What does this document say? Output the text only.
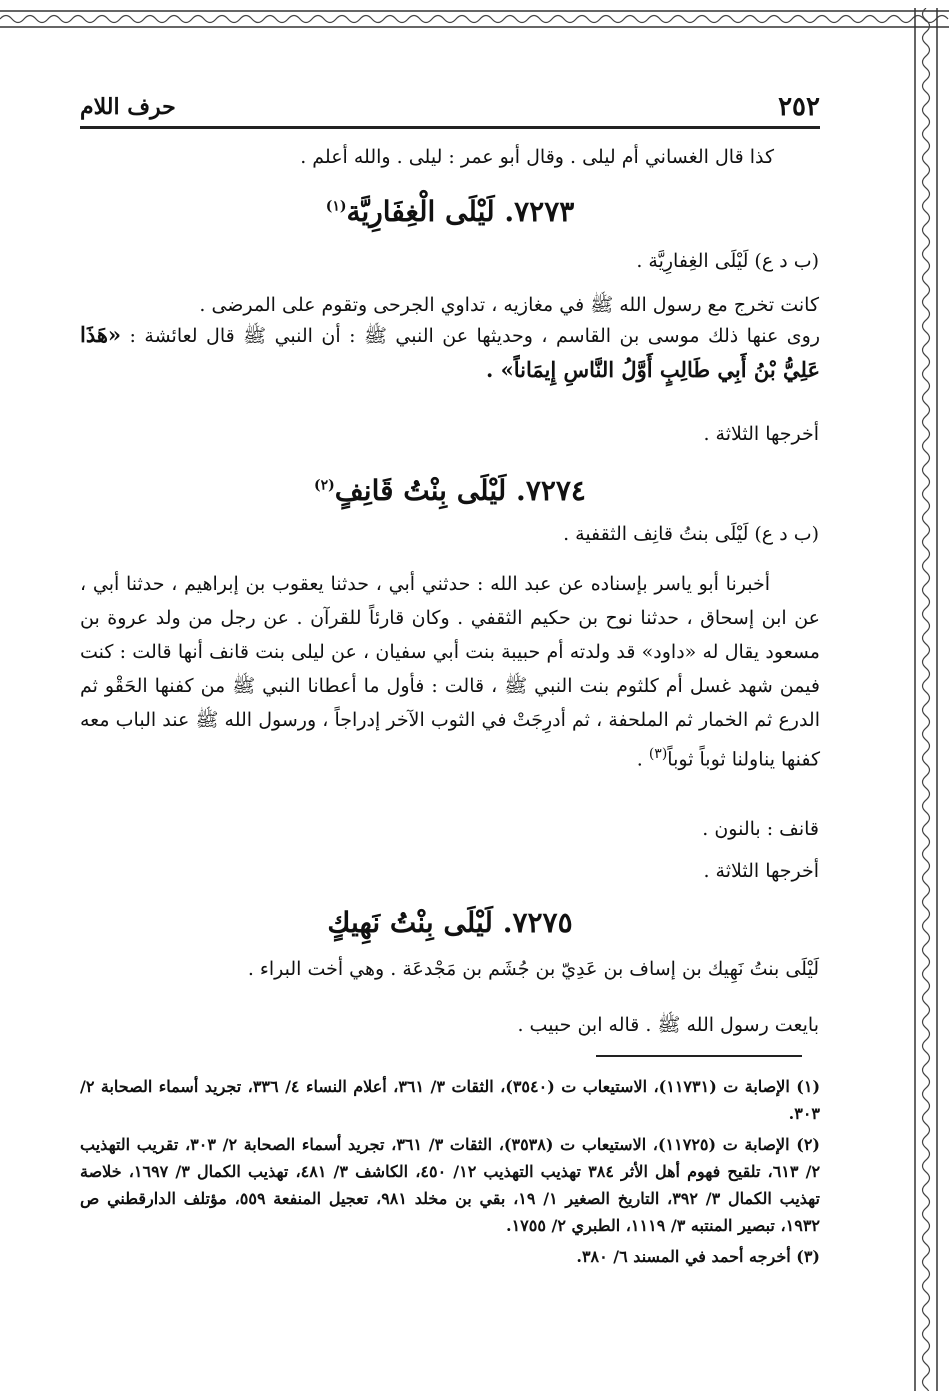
٢٥٢
حرف اللام
كذا قال الغساني أم ليلى . وقال أبو عمر : ليلى . والله أعلم .
٧٢٧٣. لَيْلَى الْغِفَارِيَّة$^{(١)}$
(ب د ع) لَيْلَى الغِفارِيَّة .
كانت تخرج مع رسول الله ﷺ في مغازيه ، تداوي الجرحى وتقوم على المرضى .
روى عنها ذلك موسى بن القاسم ، وحديثها عن النبي ﷺ : أن النبي ﷺ قال لعائشة : «هَذَا عَلِيُّ بْنُ أَبِي طَالِبٍ أَوَّلُ النَّاسِ إِيمَاناً» .
أخرجها الثلاثة .
٧٢٧٤. لَيْلَى بِنْتُ قَانِفٍ$^{(٢)}$
(ب د ع) لَيْلَى بنتُ قانِف الثقفية .
أخبرنا أبو ياسر بإسناده عن عبد الله : حدثني أبي ، حدثنا يعقوب بن إبراهيم ، حدثنا أبي ، عن ابن إسحاق ، حدثنا نوح بن حكيم الثقفي . وكان قارئاً للقرآن . عن رجل من ولد عروة بن مسعود يقال له «داود» قد ولدته أم حبيبة بنت أبي سفيان ، عن ليلى بنت قانف أنها قالت : كنت فيمن شهد غسل أم كلثوم بنت النبي ﷺ ، قالت : فأول ما أعطانا النبي ﷺ من كفنها الحَقْو ثم الدرع ثم الخمار ثم الملحفة ، ثم أدرِجَتْ في الثوب الآخر إدراجاً ، ورسول الله ﷺ عند الباب معه كفنها يناولنا ثوباً ثوباً$^{(٣)}$ .
قانف : بالنون .
أخرجها الثلاثة .
٧٢٧٥. لَيْلَى بِنْتُ نَهِيكٍ
لَيْلَى بنتُ نَهِيك بن إساف بن عَدِيّ بن جُشَم بن مَجْدعَة . وهي أخت البراء .
بايعت رسول الله ﷺ . قاله ابن حبيب .
(١) الإصابة ت (١١٧٣١)، الاستيعاب ت (٣٥٤٠)، الثقات ٣/ ٣٦١، أعلام النساء ٤/ ٣٣٦، تجريد أسماء الصحابة ٢/ ٣٠٣.
(٢) الإصابة ت (١١٧٢٥)، الاستيعاب ت (٣٥٣٨)، الثقات ٣/ ٣٦١، تجريد أسماء الصحابة ٢/ ٣٠٣، تقريب التهذيب ٢/ ٦١٣، تلقيح فهوم أهل الأثر ٣٨٤ تهذيب التهذيب ١٢/ ٤٥٠، الكاشف ٣/ ٤٨١، تهذيب الكمال ٣/ ١٦٩٧، خلاصة تهذيب الكمال ٣/ ٣٩٢، التاريخ الصغير ١/ ١٩، بقي بن مخلد ٩٨١، تعجيل المنفعة ٥٥٩، مؤتلف الدارقطني ص ١٩٣٢، تبصير المنتبه ٣/ ١١١٩، الطبري ٢/ ١٧٥٥.
(٣) أخرجه أحمد في المسند ٦/ ٣٨٠.
